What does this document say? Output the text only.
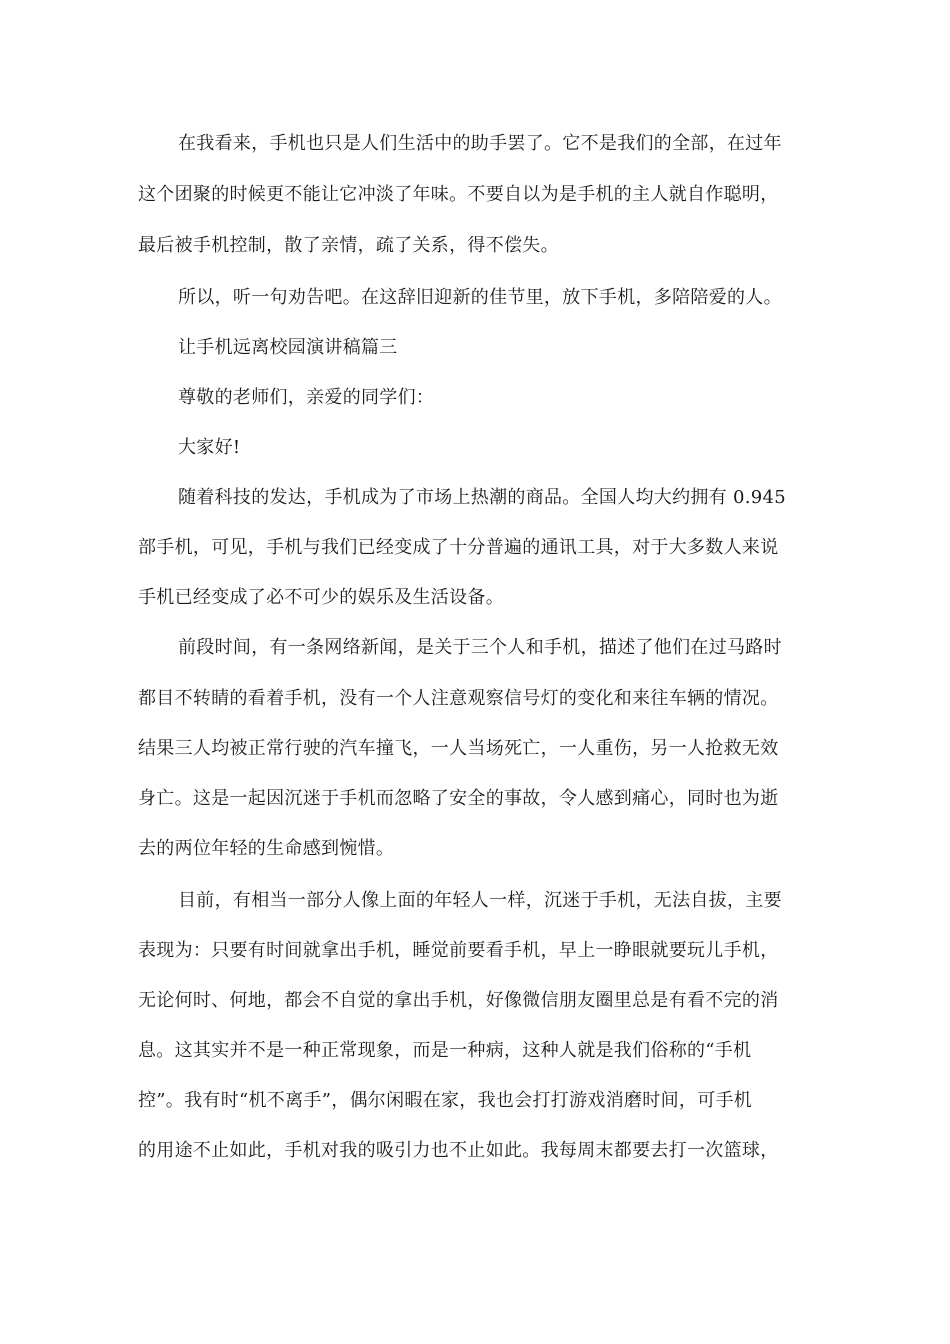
在我看来，手机也只是人们生活中的助手罢了。它不是我们的全部，在过年
这个团聚的时候更不能让它冲淡了年味。不要自以为是手机的主人就自作聪明，
最后被手机控制，散了亲情，疏了关系，得不偿失。
所以，听一句劝告吧。在这辞旧迎新的佳节里，放下手机，多陪陪爱的人。
让手机远离校园演讲稿篇三
尊敬的老师们，亲爱的同学们：
大家好!
随着科技的发达，手机成为了市场上热潮的商品。全国人均大约拥有 0.945
部手机，可见，手机与我们已经变成了十分普遍的通讯工具，对于大多数人来说
手机已经变成了必不可少的娱乐及生活设备。
前段时间，有一条网络新闻，是关于三个人和手机，描述了他们在过马路时
都目不转睛的看着手机，没有一个人注意观察信号灯的变化和来往车辆的情况。
结果三人均被正常行驶的汽车撞飞，一人当场死亡，一人重伤，另一人抢救无效
身亡。这是一起因沉迷于手机而忽略了安全的事故，令人感到痛心，同时也为逝
去的两位年轻的生命感到惋惜。
目前，有相当一部分人像上面的年轻人一样，沉迷于手机，无法自拔，主要
表现为：只要有时间就拿出手机，睡觉前要看手机，早上一睁眼就要玩儿手机，
无论何时、何地，都会不自觉的拿出手机，好像微信朋友圈里总是有看不完的消
息。这其实并不是一种正常现象，而是一种病，这种人就是我们俗称的“手机
控”。我有时“机不离手”，偶尔闲暇在家，我也会打打游戏消磨时间，可手机
的用途不止如此，手机对我的吸引力也不止如此。我每周末都要去打一次篮球，
